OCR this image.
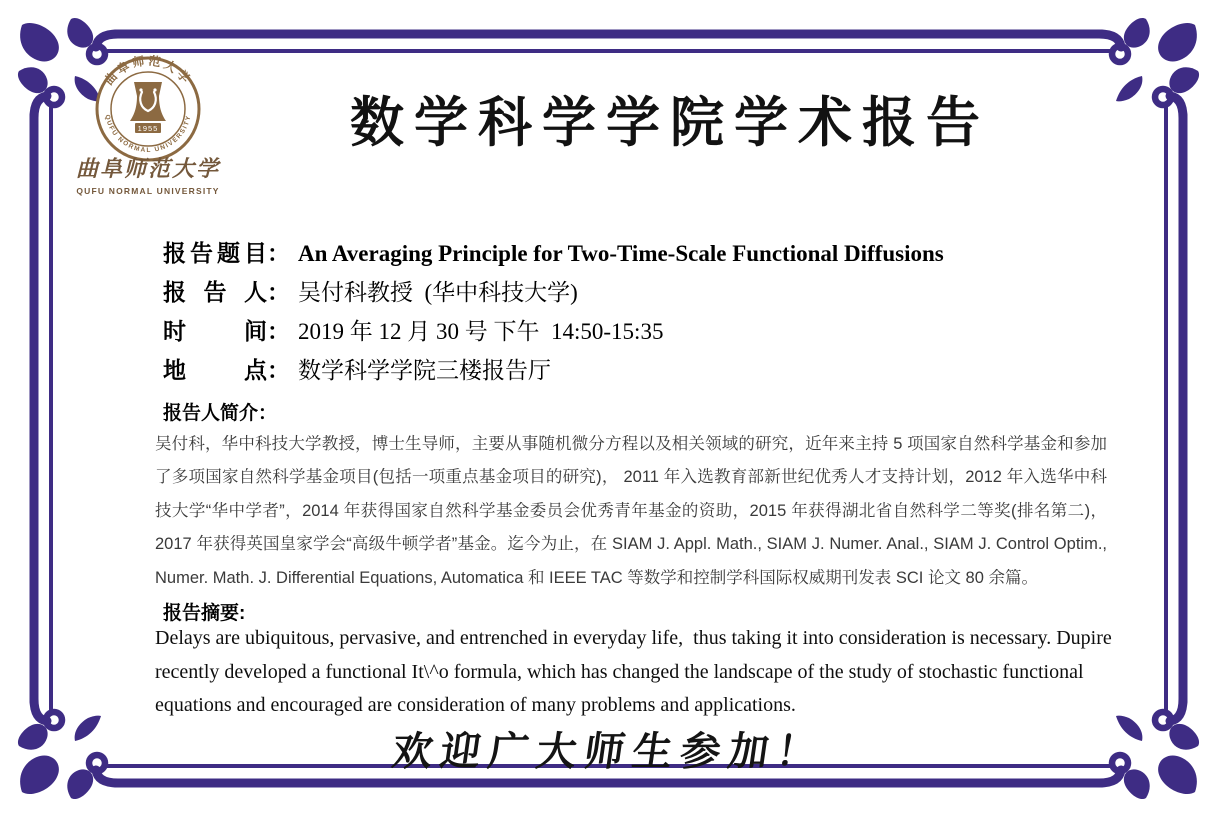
曲阜师范大学
QUFU NORMAL UNIVERSITY
1955
曲阜师范大学
QUFU NORMAL UNIVERSITY
数学科学学院学术报告
报告题目： An Averaging Principle for Two-Time-Scale Functional Diffusions
报告人： 吴付科教授  (华中科技大学)
时间： 2019 年 12 月 30 号 下午  14:50-15:35
地点： 数学科学学院三楼报告厅
报告人简介：
吴付科，华中科技大学教授，博士生导师，主要从事随机微分方程以及相关领域的研究，近年来主持 5 项国家自然科学基金和参加了多项国家自然科学基金项目(包括一项重点基金项目的研究)， 2011 年入选教育部新世纪优秀人才支持计划，2012 年入选华中科技大学“华中学者”，2014 年获得国家自然科学基金委员会优秀青年基金的资助，2015 年获得湖北省自然科学二等奖(排名第二)，2017 年获得英国皇家学会“高级牛顿学者”基金。迄今为止，在 SIAM J. Appl. Math., SIAM J. Numer. Anal., SIAM J. Control Optim., Numer. Math. J. Differential Equations, Automatica 和 IEEE TAC 等数学和控制学科国际权威期刊发表 SCI 论文 80 余篇。
报告摘要:
Delays are ubiquitous, pervasive, and entrenched in everyday life,  thus taking it into consideration is necessary. Dupire recently developed a functional It\^o formula, which has changed the landscape of the study of stochastic functional equations and encouraged are consideration of many problems and applications.
欢迎广大师生参加！
